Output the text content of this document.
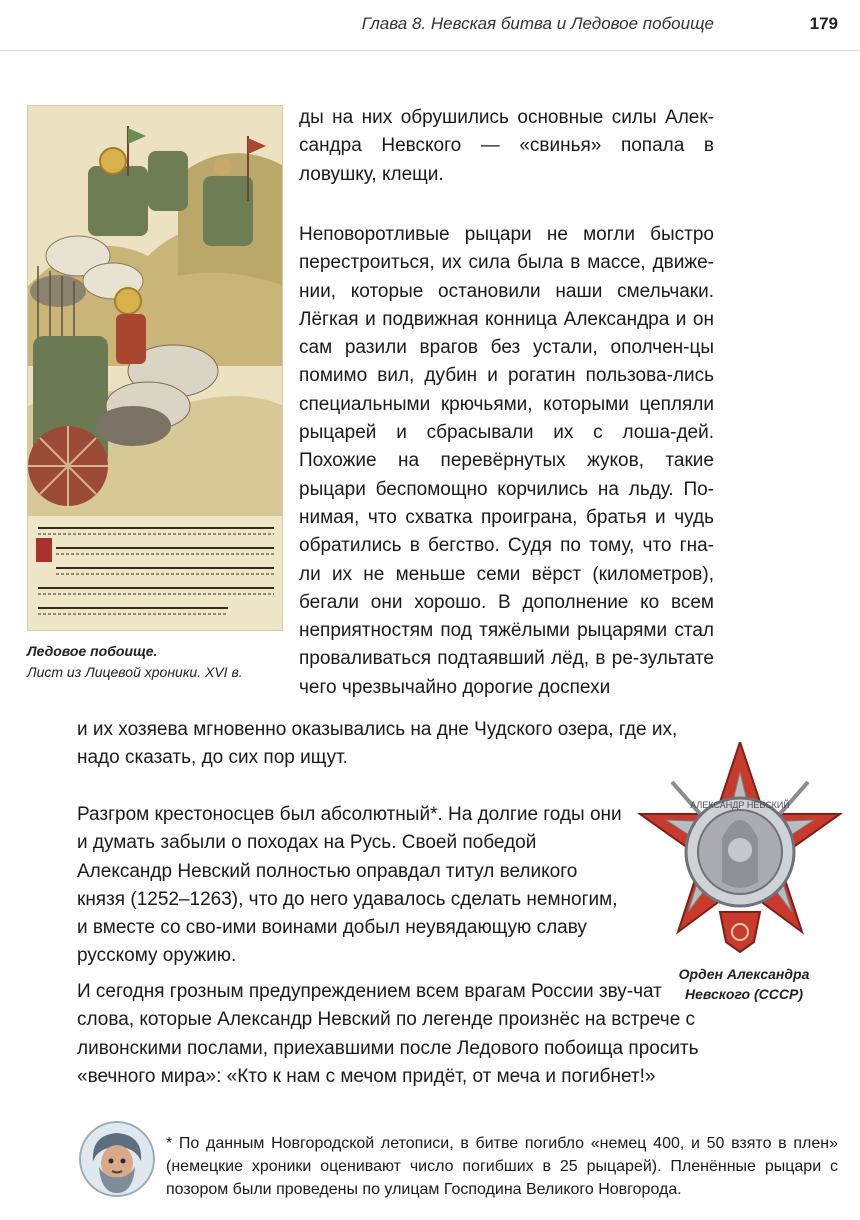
Глава 8. Невская битва и Ледовое побоище	179
Ледовое побоище.
Лист из Лицевой хроники. XVI в.

ды на них обрушились основные силы Алек-сандра Невского — «свинья» попала в ловушку, клещи.

Неповоротливые рыцари не могли быстро перестроиться, их сила была в массе, движе-нии, которые остановили наши смельчаки. Лёгкая и подвижная конница Александра и он сам разили врагов без устали, ополчен-цы помимо вил, дубин и рогатин пользова-лись специальными крючьями, которыми цепляли рыцарей и сбрасывали их с лоша-дей. Похожие на перевёрнутых жуков, такие рыцари беспомощно корчились на льду. По-нимая, что схватка проиграна, братья и чудь обратились в бегство. Судя по тому, что гна-ли их не меньше семи вёрст (километров), бегали они хорошо. В дополнение ко всем неприятностям под тяжёлыми рыцарями стал проваливаться подтаявший лёд, в ре-зультате чего чрезвычайно дорогие доспехи

и их хозяева мгновенно оказывались на дне Чудского озера, где их, надо сказать, до сих пор ищут.

Разгром крестоносцев был абсолютный*. На долгие годы они и думать забыли о походах на Русь. Своей победой Александр Невский полностью оправдал титул великого князя (1252–1263), что до него удавалось сделать немногим, и вместе со сво-ими воинами добыл неувядающую славу русскому оружию.

АЛЕКСАНДР НЕВСКИЙ
Орден Александра Невского (СССР)

И сегодня грозным предупреждением всем врагам России зву-чат слова, которые Александр Невский по легенде произнёс на встрече с ливонскими послами, приехавшими после Ледового побоища просить «вечного мира»: «Кто к нам с мечом придёт, от меча и погибнет!»

* По данным Новгородской летописи, в битве погибло «немец 400, и 50 взято в плен» (немецкие хроники оценивают число погибших в 25 рыцарей). Пленённые рыцари с позором были проведены по улицам Господина Великого Новгорода.
